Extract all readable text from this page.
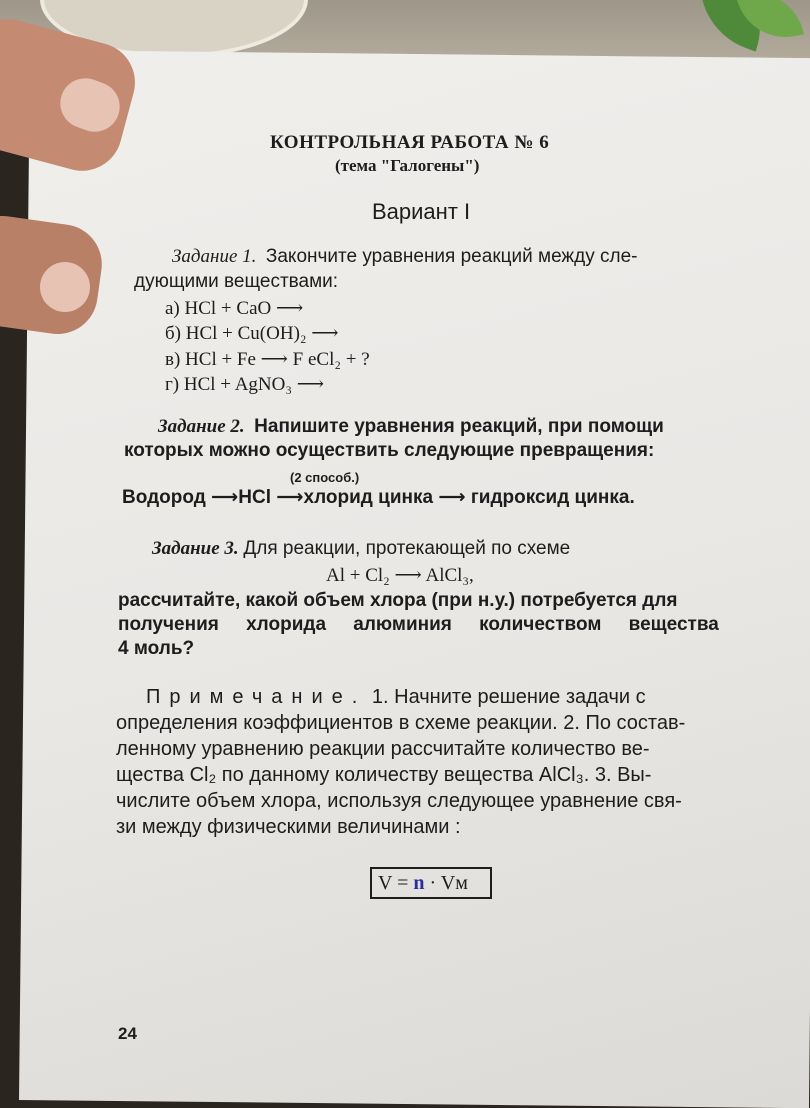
КОНТРОЛЬНАЯ РАБОТА № 6
(тема "Галогены")
Вариант I
Задание 1. Закончите уравнения реакций между сле-
дующими веществами:
а) HCl + CaO ⟶
б) HCl + Cu(OH)₂ ⟶
в) HCl + Fe ⟶ F eCl₂ + ?
г) HCl + AgNO₃ ⟶
Задание 2. Напишите уравнения реакций, при помощи
которых можно осуществить следующие превращения:
(2 способ.)
Водород ⟶HCl ⟶хлорид цинка ⟶ гидроксид цинка.
Задание 3. Для реакции, протекающей по схеме
Al + Cl₂ ⟶ AlCl₃,
рассчитайте, какой объем хлора (при н.у.) потребуется для
получения хлорида алюминия количеством вещества
4 моль?
Примечание. 1. Начните решение задачи с
определения коэффициентов в схеме реакции. 2. По состав-
ленному уравнению реакции рассчитайте количество ве-
щества Cl₂ по данному количеству вещества AlCl₃. 3. Вы-
числите объем хлора, используя следующее уравнение свя-
зи между физическими величинами :
V = n · Vм
24
